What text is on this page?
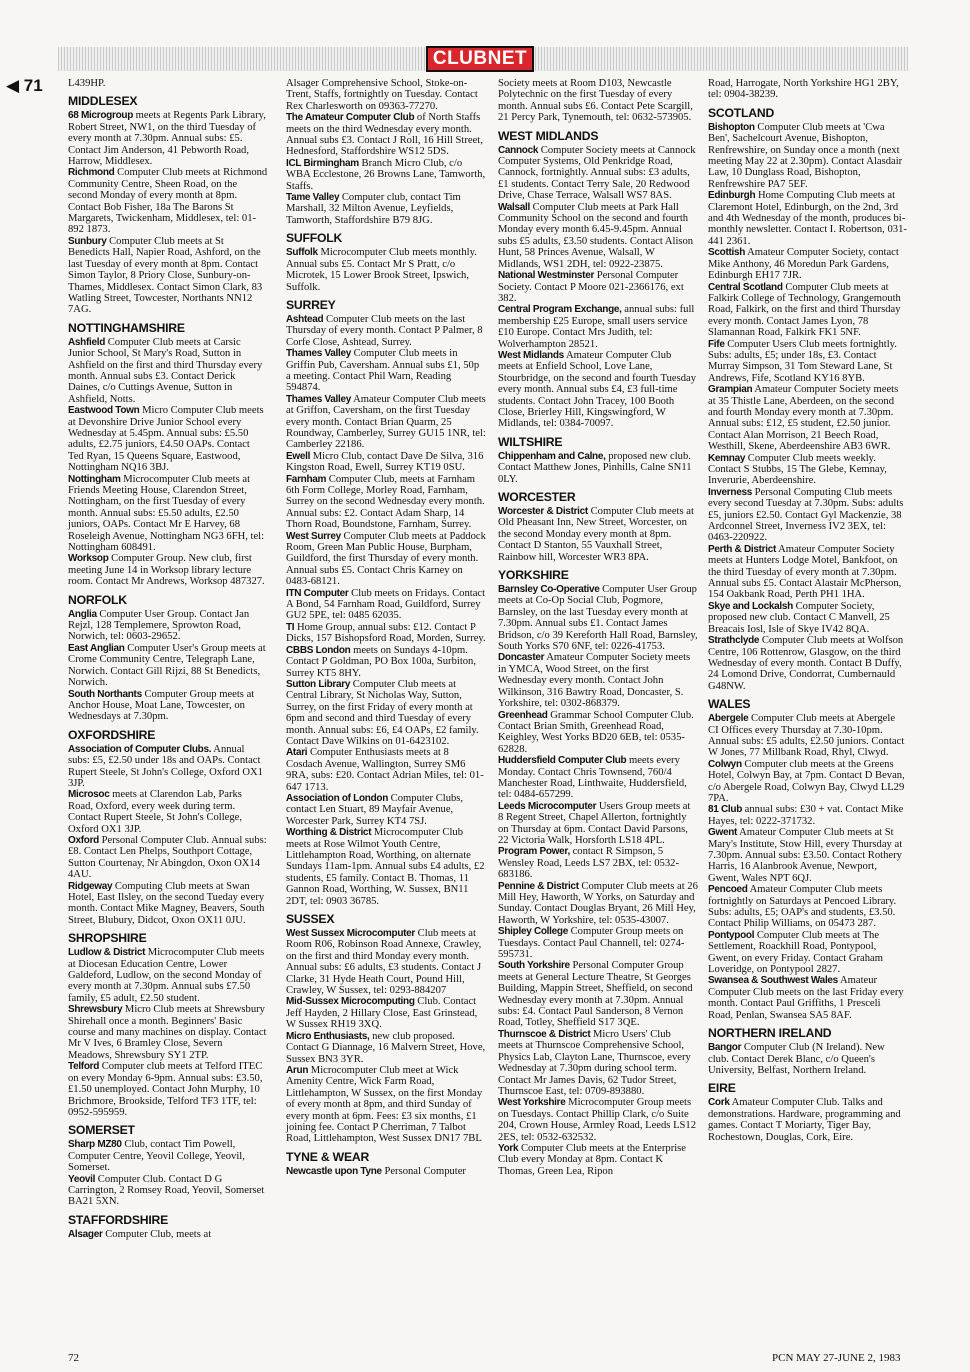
CLUBNET
◀ 71 L439HP.

MIDDLESEX

68 Microgroup meets at Regents Park Library, Robert Street, NW1, on the third Tuesday of every month at 7.30pm. Annual subs: £5. Contact Jim Anderson, 41 Pebworth Road, Harrow, Middlesex.

Richmond Computer Club meets at Richmond Community Centre, Sheen Road, on the second Monday of every month at 8pm. Contact Bob Fisher, 18a The Barons St Margarets, Twickenham, Middlesex, tel: 01-892 1873.

Sunbury Computer Club meets at St Benedicts Hall, Napier Road, Ashford, on the last Tuesday of every month at 8pm. Contact Simon Taylor, 8 Priory Close, Sunbury-on-Thames, Middlesex. Contact Simon Clark, 83 Watling Street, Towcester, Northants NN12 7AG.

NOTTINGHAMSHIRE

Ashfield Computer Club meets at Carsic Junior School, St Mary's Road, Sutton in Ashfield on the first and third Thursday every month. Annual subs £3. Contact Derick Daines, c/o Cuttings Avenue, Sutton in Ashfield, Notts.

Eastwood Town Micro Computer Club meets at Devonshire Drive Junior School every Wednesday at 5.45pm. Annual subs: £5.50 adults, £2.75 juniors, £4.50 OAPs. Contact Ted Ryan, 15 Queens Square, Eastwood, Nottingham NQ16 3BJ.

Nottingham Microcomputer Club meets at Friends Meeting House, Clarendon Street, Nottingham, on the first Tuesday of every month. Annual subs: £5.50 adults, £2.50 juniors, OAPs. Contact Mr E Harvey, 68 Roseleigh Avenue, Nottingham NG3 6FH, tel: Nottingham 608491.

Worksop Computer Group. New club, first meeting June 14 in Worksop library lecture room. Contact Mr Andrews, Worksop 487327.

NORFOLK

Anglia Computer User Group. Contact Jan Rejzl, 128 Templemere, Sprowton Road, Norwich, tel: 0603-29652.

East Anglian Computer User's Group meets at Crome Community Centre, Telegraph Lane, Norwich. Contact Gill Rijzi, 88 St Benedicts, Norwich.

South Northants Computer Group meets at Anchor House, Moat Lane, Towcester, on Wednesdays at 7.30pm.

OXFORDSHIRE

Association of Computer Clubs. Annual subs: £5, £2.50 under 18s and OAPs. Contact Rupert Steele, St John's College, Oxford OX1 3JP.

Microsoc meets at Clarendon Lab, Parks Road, Oxford, every week during term. Contact Rupert Steele, St John's College, Oxford OX1 3JP.

Oxford Personal Computer Club. Annual subs: £8. Contact Len Phelps, Southport Cottage, Sutton Courtenay, Nr Abingdon, Oxon OX14 4AU.

Ridgeway Computing Club meets at Swan Hotel, East Ilsley, on the second Tueday every month. Contact Mike Magney, Beavers, South Street, Blubury, Didcot, Oxon OX11 0JU.

SHROPSHIRE

Ludlow & District Microcomputer Club meets at Diocesan Education Centre, Lower Galdeford, Ludlow, on the second Monday of every month at 7.30pm. Annual subs £7.50 family, £5 adult, £2.50 student.

Shrewsbury Micro Club meets at Shrewsbury Shirehall once a month. Beginners' Basic course and many machines on display. Contact Mr V Ives, 6 Bramley Close, Severn Meadows, Shrewsbury SY1 2TP.

Telford Computer club meets at Telford ITEC on every Monday 6-9pm. Annual subs: £3.50, £1.50 unemployed. Contact John Murphy, 10 Brichmore, Brookside, Telford TF3 1TF, tel: 0952-595959.

SOMERSET

Sharp MZ80 Club, contact Tim Powell, Computer Centre, Yeovil College, Yeovil, Somerset.

Yeovil Computer Club. Contact D G Carrington, 2 Romsey Road, Yeovil, Somerset BA21 5XN.

STAFFORDSHIRE

Alsager Computer Club, meets at

Alsager Comprehensive School, Stoke-on-Trent, Staffs, fortnightly on Tuesday. Contact Rex Charlesworth on 09363-77270.

The Amateur Computer Club of North Staffs meets on the third Wednesday every month. Annual subs £3. Contact J Roll, 16 Hill Street, Hednesford, Staffordshire WS12 5DS.

ICL Birmingham Branch Micro Club, c/o WBA Ecclestone, 26 Browns Lane, Tamworth, Staffs.

Tame Valley Computer club, contact Tim Marshall, 32 Milton Avenue, Leyfields, Tamworth, Staffordshire B79 8JG.

SUFFOLK

Suffolk Microcomputer Club meets monthly. Annual subs £5. Contact Mr S Pratt, c/o Microtek, 15 Lower Brook Street, Ipswich, Suffolk.

SURREY

Ashtead Computer Club meets on the last Thursday of every month. Contact P Palmer, 8 Corfe Close, Ashtead, Surrey.

Thames Valley Computer Club meets in Griffin Pub, Caversham. Annual subs £1, 50p a meeting. Contact Phil Warn, Reading 594874.

Thames Valley Amateur Computer Club meets at Griffon, Caversham, on the first Tuesday every month. Contact Brian Quarm, 25 Roundway, Camberley, Surrey GU15 1NR, tel: Camberley 22186.

Ewell Micro Club, contact Dave De Silva, 316 Kingston Road, Ewell, Surrey KT19 0SU.

Farnham Computer Club, meets at Farnham 6th Form College, Morley Road, Farnham, Surrey on the second Wednesday every month. Annual subs: £2. Contact Adam Sharp, 14 Thorn Road, Boundstone, Farnham, Surrey.

West Surrey Computer Club meets at Paddock Room, Green Man Public House, Burpham, Guildford, the first Thursday of every month. Annual subs £5. Contact Chris Karney on 0483-68121.

ITN Computer Club meets on Fridays. Contact A Bond, 54 Farnham Road, Guildford, Surrey GU2 5PE, tel: 0485 62035.

TI Home Group, annual subs: £12. Contact P Dicks, 157 Bishopsford Road, Morden, Surrey.

CBBS London meets on Sundays 4-10pm. Contact P Goldman, PO Box 100a, Surbiton, Surrey KT5 8HY.

Sutton Library Computer Club meets at Central Library, St Nicholas Way, Sutton, Surrey, on the first Friday of every month at 6pm and second and third Tuesday of every month. Annual subs: £6, £4 OAPs, £2 family. Contact Dave Wilkins on 01-6423102.

Atari Computer Enthusiasts meets at 8 Cosdach Avenue, Wallington, Surrey SM6 9RA, subs: £20. Contact Adrian Miles, tel: 01-647 1713.

Association of London Computer Clubs, contact Len Stuart, 89 Mayfair Avenue, Worcester Park, Surrey KT4 7SJ.

Worthing & District Microcomputer Club meets at Rose Wilmot Youth Centre, Littlehampton Road, Worthing, on alternate Sundays 11am-1pm. Annual subs £4 adults, £2 students, £5 family. Contact B. Thomas, 11 Gannon Road, Worthing, W. Sussex, BN11 2DT, tel: 0903 36785.

SUSSEX

West Sussex Microcomputer Club meets at Room R06, Robinson Road Annexe, Crawley, on the first and third Monday every month. Annual subs: £6 adults, £3 students. Contact J Clarke, 31 Hyde Heath Court, Pound Hill, Crawley, W Sussex, tel: 0293-884207

Mid-Sussex Microcomputing Club. Contact Jeff Hayden, 2 Hillary Close, East Grinstead, W Sussex RH19 3XQ.

Micro Enthusiasts, new club proposed. Contact G Diannage, 16 Malvern Street, Hove, Sussex BN3 3YR.

Arun Microcomputer Club meet at Wick Amenity Centre, Wick Farm Road, Littlehampton, W Sussex, on the first Monday of every month at 8pm, and third Sunday of every month at 6pm. Fees: £3 six months, £1 joining fee. Contact P Cherriman, 7 Talbot Road, Littlehampton, West Sussex DN17 7BL

TYNE & WEAR

Newcastle upon Tyne Personal Computer

Society meets at Room D103, Newcastle Polytechnic on the first Tuesday of every month. Annual subs £6. Contact Pete Scargill, 21 Percy Park, Tynemouth, tel: 0632-573905.

WEST MIDLANDS

Cannock Computer Society meets at Cannock Computer Systems, Old Penkridge Road, Cannock, fortnightly. Annual subs: £3 adults, £1 students. Contact Terry Sale, 20 Redwood Drive, Chase Terrace, Walsall WS7 8AS.

Walsall Computer Club meets at Park Hall Community School on the second and fourth Monday every month 6.45-9.45pm. Annual subs £5 adults, £3.50 students. Contact Alison Hunt, 58 Princes Avenue, Walsall, W Midlands, WS1 2DH, tel: 0922-23875.

National Westminster Personal Computer Society. Contact P Moore 021-2366176, ext 382.

Central Program Exchange, annual subs: full membership £25 Europe, small users service £10 Europe. Contact Mrs Judith, tel: Wolverhampton 28521.

West Midlands Amateur Computer Club meets at Enfield School, Love Lane, Stourbridge, on the second and fourth Tuesday every month. Annual subs £4, £3 full-time students. Contact John Tracey, 100 Booth Close, Brierley Hill, Kingswingford, W Midlands, tel: 0384-70097.

WILTSHIRE

Chippenham and Calne, proposed new club. Contact Matthew Jones, Pinhills, Calne SN11 0LY.

WORCESTER

Worcester & District Computer Club meets at Old Pheasant Inn, New Street, Worcester, on the second Monday every month at 8pm. Contact D Stanton, 55 Vauxhall Street, Rainbow hill, Worcester WR3 8PA.

YORKSHIRE

Barnsley Co-Operative Computer User Group meets at Co-Op Social Club, Pogmore, Barnsley, on the last Tuesday every month at 7.30pm. Annual subs £1. Contact James Bridson, c/o 39 Kereforth Hall Road, Barnsley, South Yorks S70 6NF, tel: 0226-41753.

Doncaster Amateur Computer Society meets in YMCA, Wood Street, on the first Wednesday every month. Contact John Wilkinson, 316 Bawtry Road, Doncaster, S. Yorkshire, tel: 0302-868379.

Greenhead Grammar School Computer Club. Contact Brian Smith, Greenhead Road, Keighley, West Yorks BD20 6EB, tel: 0535-62828.

Huddersfield Computer Club meets every Monday. Contact Chris Townsend, 760/4 Manchester Road, Linthwaite, Huddersfield, tel: 0484-657299.

Leeds Microcomputer Users Group meets at 8 Regent Street, Chapel Allerton, fortnightly on Thursday at 6pm. Contact David Parsons, 22 Victoria Walk, Horsforth LS18 4PL.

Program Power, contact R Simpson, 5 Wensley Road, Leeds LS7 2BX, tel: 0532-683186.

Pennine & District Computer Club meets at 26 Mill Hey, Haworth, W Yorks, on Saturday and Sunday. Contact Douglas Bryant, 26 Mill Hey, Haworth, W Yorkshire, tel: 0535-43007.

Shipley College Computer Group meets on Tuesdays. Contact Paul Channell, tel: 0274-595731.

South Yorkshire Personal Computer Group meets at General Lecture Theatre, St Georges Building, Mappin Street, Sheffield, on second Wednesday every month at 7.30pm. Annual subs: £4. Contact Paul Sanderson, 8 Vernon Road, Totley, Sheffield S17 3QE.

Thurnscoe & District Micro Users' Club meets at Thurnscoe Comprehensive School, Physics Lab, Clayton Lane, Thurnscoe, every Wednesday at 7.30pm during school term. Contact Mr James Davis, 62 Tudor Street, Thurnscoe East, tel: 0709-893880.

West Yorkshire Microcomputer Group meets on Tuesdays. Contact Phillip Clark, c/o Suite 204, Crown House, Armley Road, Leeds LS12 2ES, tel: 0532-632532.

York Computer Club meets at the Enterprise Club every Monday at 8pm. Contact K Thomas, Green Lea, Ripon

Road, Harrogate, North Yorkshire HG1 2BY, tel: 0904-38239.

SCOTLAND

Bishopton Computer Club meets at 'Cwa Ben', Sachelcourt Avenue, Bishopton, Renfrewshire, on Sunday once a month (next meeting May 22 at 2.30pm). Contact Alasdair Law, 10 Dunglass Road, Bishopton, Renfrewshire PA7 5EF.

Edinburgh Home Computing Club meets at Claremont Hotel, Edinburgh, on the 2nd, 3rd and 4th Wednesday of the month, produces bi-monthly newsletter. Contact I. Robertson, 031-441 2361.

Scottish Amateur Computer Society, contact Mike Anthony, 46 Moredun Park Gardens, Edinburgh EH17 7JR.

Central Scotland Computer Club meets at Falkirk College of Technology, Grangemouth Road, Falkirk, on the first and third Thursday every month. Contact James Lyon, 78 Slamannan Road, Falkirk FK1 5NF.

Fife Computer Users Club meets fortnightly. Subs: adults, £5; under 18s, £3. Contact Murray Simpson, 31 Tom Steward Lane, St Andrews, Fife, Scotland KY16 8YB.

Grampian Amateur Computer Society meets at 35 Thistle Lane, Aberdeen, on the second and fourth Monday every month at 7.30pm. Annual subs: £12, £5 student, £2.50 junior. Contact Alan Morrison, 21 Beech Road, Westhill, Skene, Aberdeenshire AB3 6WR.

Kemnay Computer Club meets weekly. Contact S Stubbs, 15 The Glebe, Kemnay, Inverurie, Aberdeenshire.

Inverness Personal Computing Club meets every second Tuesday at 7.30pm. Subs: adults £5, juniors £2.50. Contact Gyl Mackenzie, 38 Ardconnel Street, Inverness IV2 3EX, tel: 0463-220922.

Perth & District Amateur Computer Society meets at Hunters Lodge Motel, Bankfoot, on the third Tuesday of every month at 7.30pm. Annual subs £5. Contact Alastair McPherson, 154 Oakbank Road, Perth PH1 1HA.

Skye and Lockalsh Computer Society, proposed new club. Contact C Manvell, 25 Breacais Iosl, Isle of Skye IV42 8QA.

Strathclyde Computer Club meets at Wolfson Centre, 106 Rottenrow, Glasgow, on the third Wednesday of every month. Contact B Duffy, 24 Lomond Drive, Condorrat, Cumbernauld G48NW.

WALES

Abergele Computer Club meets at Abergele CI Offices every Thursday at 7.30-10pm. Annual subs: £5 adults, £2.50 juniors. Contact W Jones, 77 Millbank Road, Rhyl, Clwyd.

Colwyn Computer club meets at the Greens Hotel, Colwyn Bay, at 7pm. Contact D Bevan, c/o Abergele Road, Colwyn Bay, Clwyd LL29 7PA.

81 Club annual subs: £30 + vat. Contact Mike Hayes, tel: 0222-371732.

Gwent Amateur Computer Club meets at St Mary's Institute, Stow Hill, every Thursday at 7.30pm. Annual subs: £3.50. Contact Rothery Harris, 16 Alanbrook Avenue, Newport, Gwent, Wales NPT 6QJ.

Pencoed Amateur Computer Club meets fortnightly on Saturdays at Pencoed Library. Subs: adults, £5; OAP's and students, £3.50. Contact Philip Williams, on 05473 287.

Pontypool Computer Club meets at The Settlement, Roackhill Road, Pontypool, Gwent, on every Friday. Contact Graham Loveridge, on Pontypool 2827.

Swansea & Southwest Wales Amateur Computer Club meets on the last Friday every month. Contact Paul Griffiths, 1 Presceli Road, Penlan, Swansea SA5 8AF.

NORTHERN IRELAND

Bangor Computer Club (N Ireland). New club. Contact Derek Blanc, c/o Queen's University, Belfast, Northern Ireland.

EIRE

Cork Amateur Computer Club. Talks and demonstrations. Hardware, programming and games. Contact T Moriarty, Tiger Bay, Rochestown, Douglas, Cork, Eire.

72	PCN MAY 27-JUNE 2, 1983
